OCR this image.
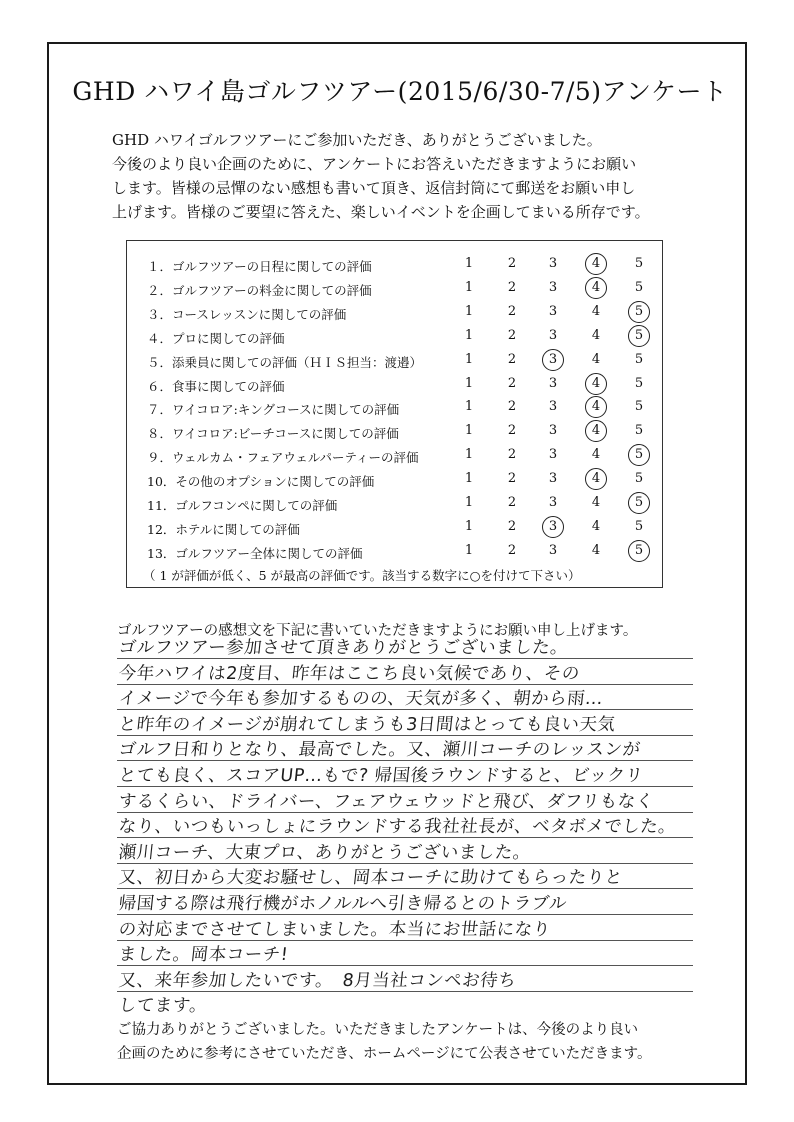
GHD ハワイ島ゴルフツアー(2015/6/30-7/5)アンケート

GHD ハワイゴルフツアーにご参加いただき、ありがとうございました。

今後のより良い企画のために、アンケートにお答えいただきますようにお願い

します。皆様の忌憚のない感想も書いて頂き、返信封筒にて郵送をお願い申し

上げます。皆様のご要望に答えた、楽しいイベントを企画してまいる所存です。

（ 1 が評価が低く、5 が最高の評価です。該当する数字に○を付けて下さい）
１．ゴルフツアーの日程に関しての評価	1	2	3	4	5
２．ゴルフツアーの料金に関しての評価	1	2	3	4	5
３．コースレッスンに関しての評価	1	2	3	4	5
４．プロに関しての評価	1	2	3	4	5
５．添乗員に関しての評価（ＨＩＳ担当：渡邉）	1	2	3	4	5
６．食事に関しての評価	1	2	3	4	5
７．ワイコロア:キングコースに関しての評価	1	2	3	4	5
８．ワイコロア:ビーチコースに関しての評価	1	2	3	4	5
９．ウェルカム・フェアウェルパーティーの評価	1	2	3	4	5
10．その他のオプションに関しての評価	1	2	3	4	5
11．ゴルフコンペに関しての評価	1	2	3	4	5
12．ホテルに関しての評価	1	2	3	4	5
13．ゴルフツアー全体に関しての評価	1	2	3	4	5
ゴルフツアーの感想文を下記に書いていただきますようにお願い申し上げます。
ゴルフツアー参加させて頂きありがとうございました。
今年ハワイは2度目、昨年はここち良い気候であり、その
イメージで今年も参加するものの、天気が多く、朝から雨…
と昨年のイメージが崩れてしまうも3日間はとっても良い天気
ゴルフ日和りとなり、最高でした。又、瀬川コーチのレッスンが
とても良く、スコアUP…もで? 帰国後ラウンドすると、ビックリ
するくらい、ドライバー、フェアウェウッドと飛び、ダフリもなく
なり、いつもいっしょにラウンドする我社社長が、ベタボメでした。
瀬川コーチ、大東プロ、ありがとうございました。
又、初日から大変お騒せし、岡本コーチに助けてもらったりと
帰国する際は飛行機がホノルルへ引き帰るとのトラブル
の対応までさせてしまいました。本当にお世話になり
ました。岡本コーチ!
又、来年参加したいです。　8月当社コンペお待ち
してます。

ご協力ありがとうございました。いただきましたアンケートは、今後のより良い

企画のために参考にさせていただき、ホームページにて公表させていただきます。
